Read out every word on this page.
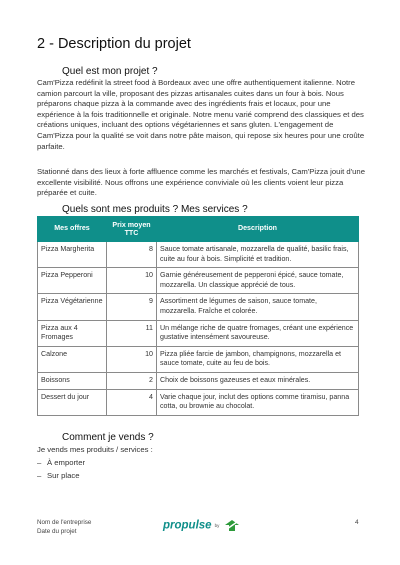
2 - Description du projet
Quel est mon projet ?

Cam'Pizza redéfinit la street food à Bordeaux avec une offre authentiquement italienne. Notre camion parcourt la ville, proposant des pizzas artisanales cuites dans un four à bois. Nous préparons chaque pizza à la commande avec des ingrédients frais et locaux, pour une expérience à la fois traditionnelle et originale. Notre menu varié comprend des classiques et des créations uniques, incluant des options végétariennes et sans gluten. L'engagement de Cam'Pizza pour la qualité se voit dans notre pâte maison, qui repose six heures pour une croûte parfaite.

Stationné dans des lieux à forte affluence comme les marchés et festivals, Cam'Pizza jouit d'une excellente visibilité. Nous offrons une expérience conviviale où les clients voient leur pizza préparée et cuite.

Quels sont mes produits ? Mes services ?
Mes offres	Prix moyen TTC	Description
Pizza Margherita	8	Sauce tomate artisanale, mozzarella de qualité, basilic frais, cuite au four à bois. Simplicité et tradition.
Pizza Pepperoni	10	Garnie généreusement de pepperoni épicé, sauce tomate, mozzarella. Un classique apprécié de tous.
Pizza Végétarienne	9	Assortiment de légumes de saison, sauce tomate, mozzarella. Fraîche et colorée.
Pizza aux 4 Fromages	11	Un mélange riche de quatre fromages, créant une expérience gustative intensément savoureuse.
Calzone	10	Pizza pliée farcie de jambon, champignons, mozzarella et sauce tomate, cuite au feu de bois.
Boissons	2	Choix de boissons gazeuses et eaux minérales.
Dessert du jour	4	Varie chaque jour, inclut des options comme tiramisu, panna cotta, ou brownie au chocolat.
Comment je vends ?

Je vends mes produits / services :

– À emporter
– Sur place
Nom de l'entreprise
Date du projet	propulse by	4
